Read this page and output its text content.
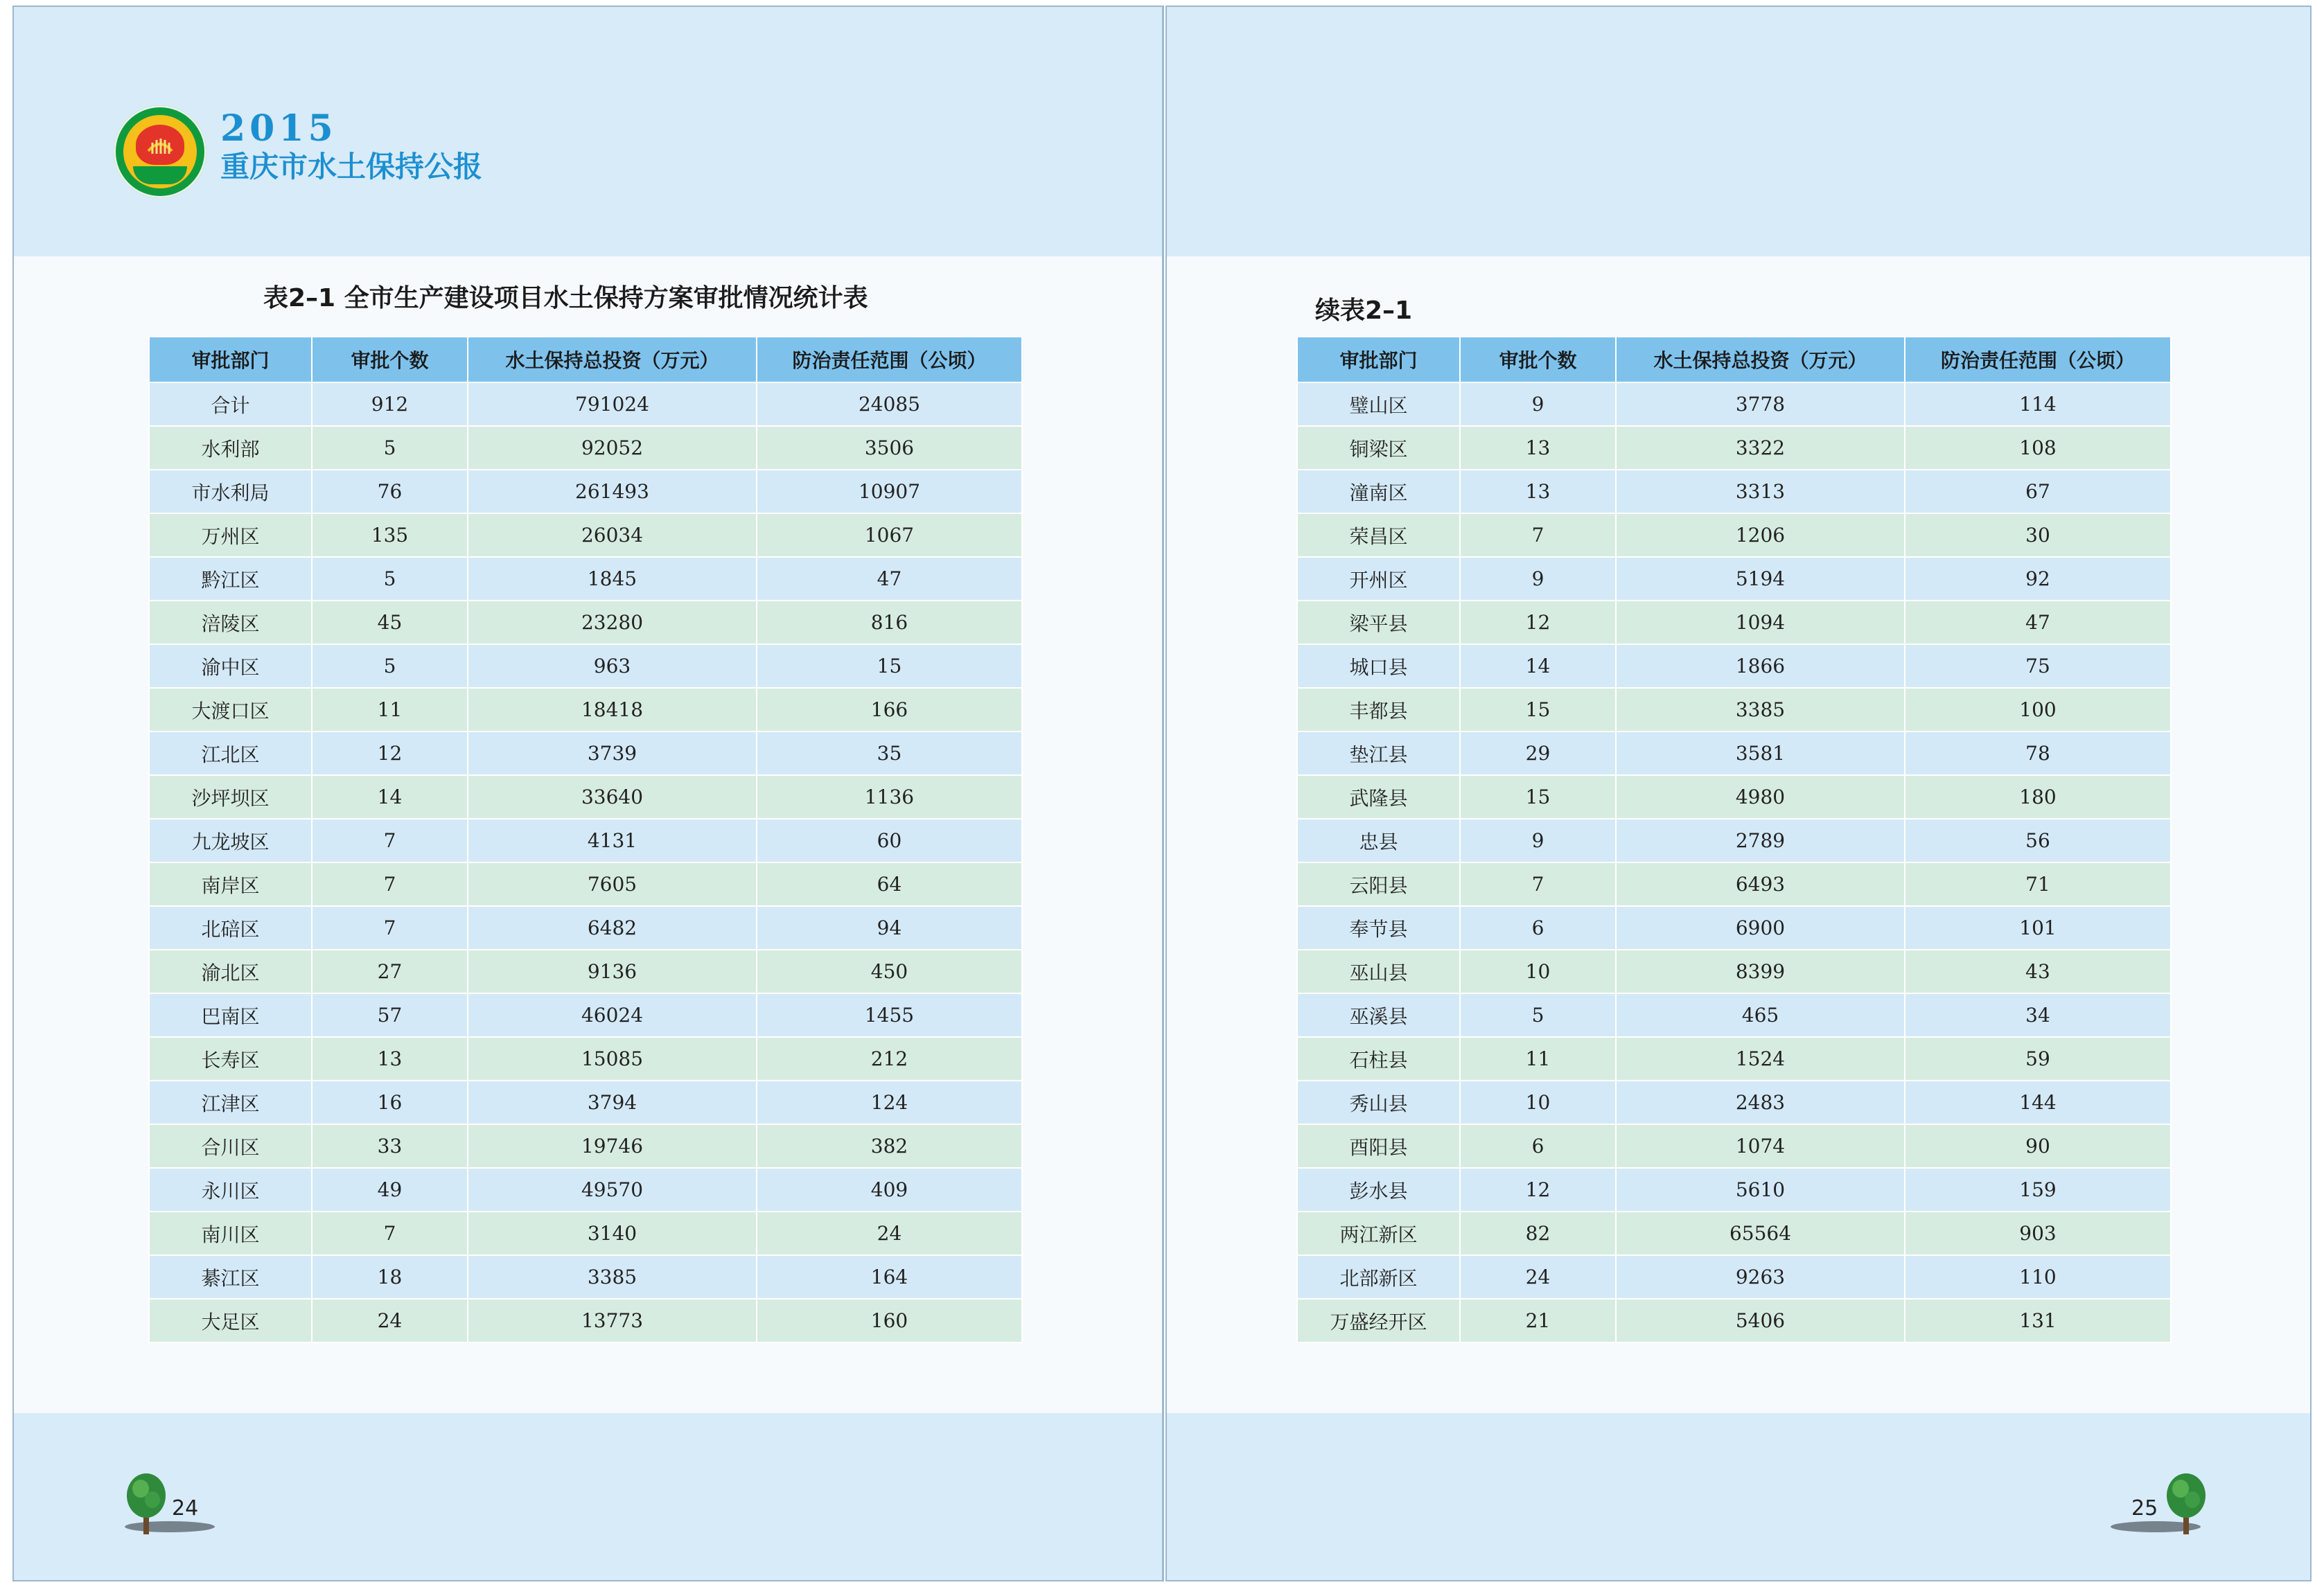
2015
重庆市水土保持公报
表2–1 全市生产建设项目水土保持方案审批情况统计表	续表2–1
审批部门	审批个数	水土保持总投资（万元）	防治责任范围（公顷）
合计	912	791024	24085
水利部	5	92052	3506
市水利局	76	261493	10907
万州区	135	26034	1067
黔江区	5	1845	47
涪陵区	45	23280	816
渝中区	5	963	15
大渡口区	11	18418	166
江北区	12	3739	35
沙坪坝区	14	33640	1136
九龙坡区	7	4131	60
南岸区	7	7605	64
北碚区	7	6482	94
渝北区	27	9136	450
巴南区	57	46024	1455
长寿区	13	15085	212
江津区	16	3794	124
合川区	33	19746	382
永川区	49	49570	409
南川区	7	3140	24
綦江区	18	3385	164
大足区	24	13773	160
审批部门	审批个数	水土保持总投资（万元）	防治责任范围（公顷）
璧山区	9	3778	114
铜梁区	13	3322	108
潼南区	13	3313	67
荣昌区	7	1206	30
开州区	9	5194	92
梁平县	12	1094	47
城口县	14	1866	75
丰都县	15	3385	100
垫江县	29	3581	78
武隆县	15	4980	180
忠县	9	2789	56
云阳县	7	6493	71
奉节县	6	6900	101
巫山县	10	8399	43
巫溪县	5	465	34
石柱县	11	1524	59
秀山县	10	2483	144
酉阳县	6	1074	90
彭水县	12	5610	159
两江新区	82	65564	903
北部新区	24	9263	110
万盛经开区	21	5406	131
24	25
